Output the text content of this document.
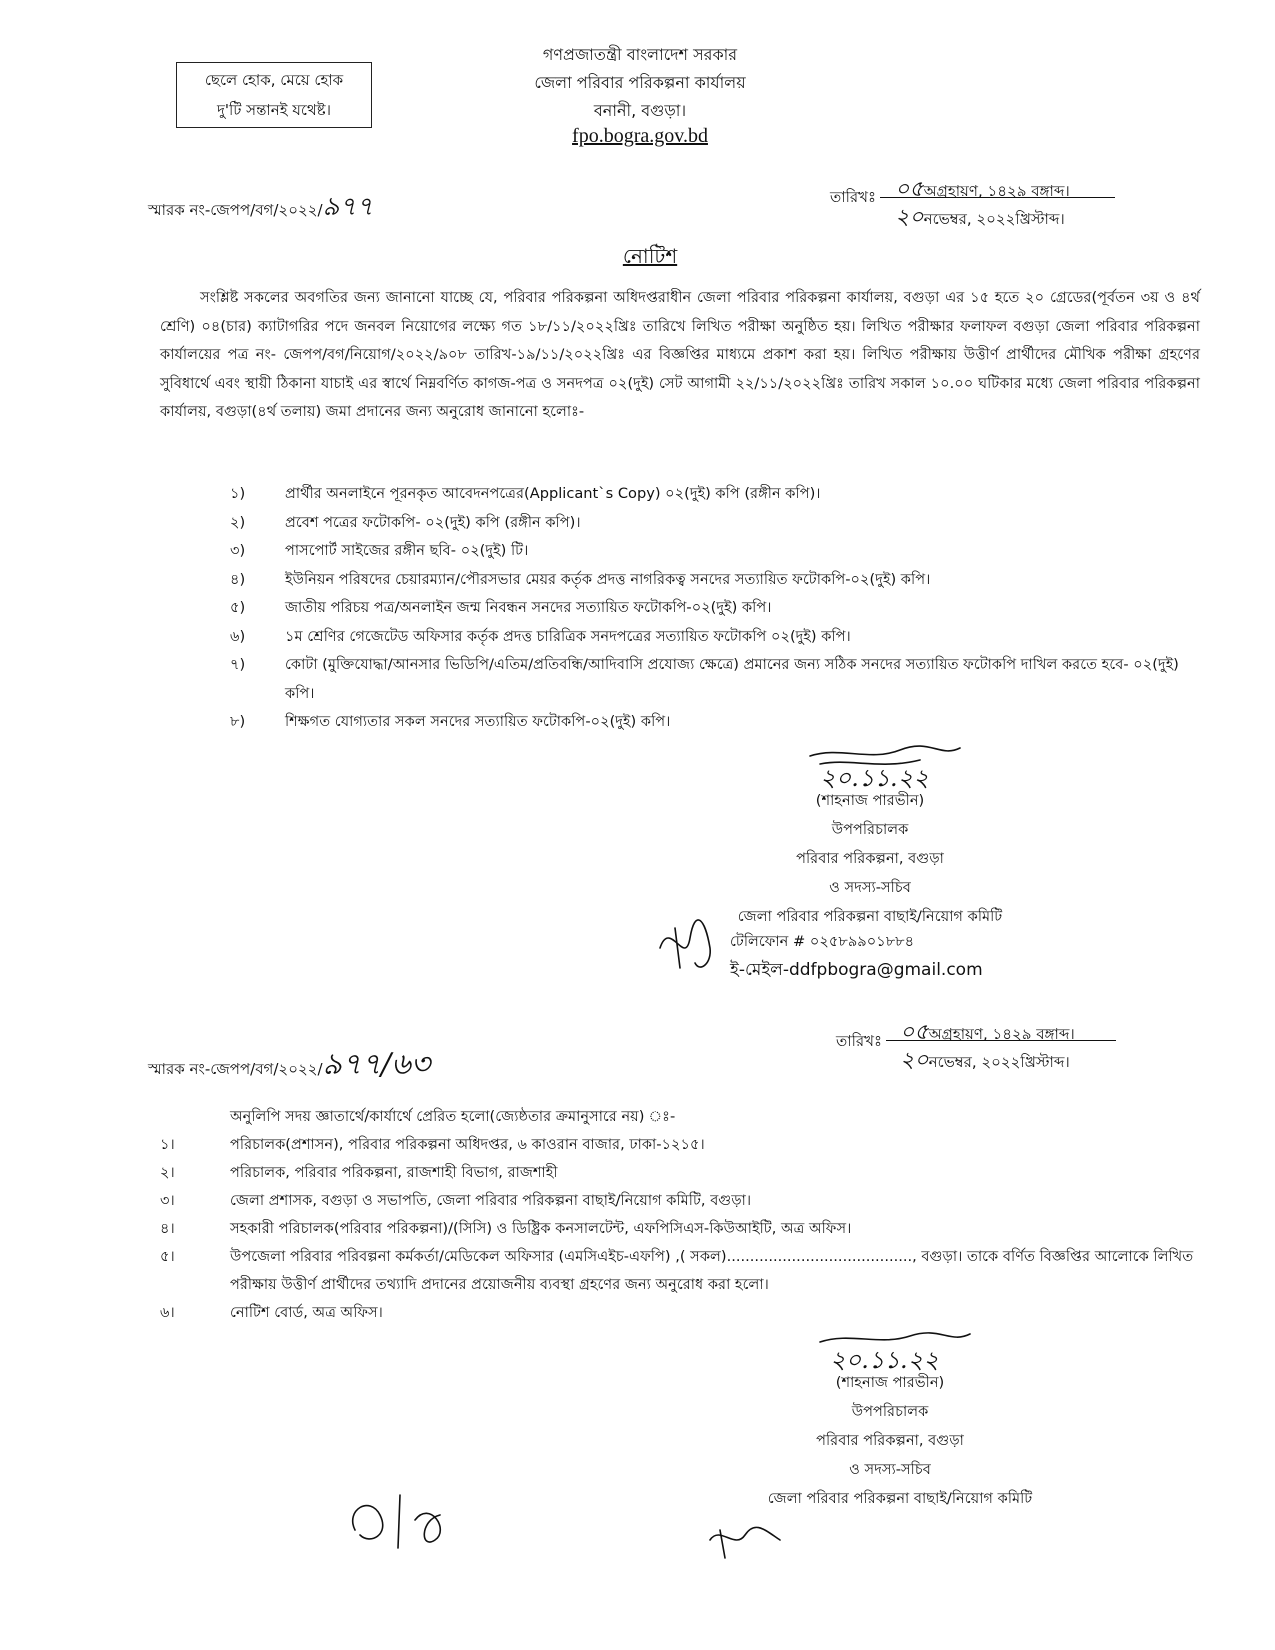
ছেলে হোক, মেয়ে হোক
দু'টি সন্তানই যথেষ্ট।
গণপ্রজাতন্ত্রী বাংলাদেশ সরকার
জেলা পরিবার পরিকল্পনা কার্যালয়
বনানী, বগুড়া।
fpo.bogra.gov.bd
স্মারক নং-জেপপ/বগ/২০২২/৯৭৭	তারিখঃ ০৫অগ্রহায়ণ, ১৪২৯ বঙ্গাব্দ।
২০নভেম্বর, ২০২২খ্রিস্টাব্দ।
নোটিশ
সংশ্লিষ্ট সকলের অবগতির জন্য জানানো যাচ্ছে যে, পরিবার পরিকল্পনা অধিদপ্তরাধীন জেলা পরিবার পরিকল্পনা কার্যালয়, বগুড়া এর ১৫ হতে ২০ গ্রেডের(পূর্বতন ৩য় ও ৪র্থ শ্রেণি) ০৪(চার) ক্যাটাগরির পদে জনবল নিয়োগের লক্ষ্যে গত ১৮/১১/২০২২খ্রিঃ তারিখে লিখিত পরীক্ষা অনুষ্ঠিত হয়। লিখিত পরীক্ষার ফলাফল বগুড়া জেলা পরিবার পরিকল্পনা কার্যালয়ের পত্র নং- জেপপ/বগ/নিয়োগ/২০২২/৯০৮ তারিখ-১৯/১১/২০২২খ্রিঃ এর বিজ্ঞপ্তির মাধ্যমে প্রকাশ করা হয়। লিখিত পরীক্ষায় উত্তীর্ণ প্রার্থীদের মৌখিক পরীক্ষা গ্রহণের সুবিধার্থে এবং স্থায়ী ঠিকানা যাচাই এর স্বার্থে নিম্নবর্ণিত কাগজ-পত্র ও সনদপত্র ০২(দুই) সেট আগামী ২২/১১/২০২২খ্রিঃ তারিখ সকাল ১০.০০ ঘটিকার মধ্যে জেলা পরিবার পরিকল্পনা কার্যালয়, বগুড়া(৪র্থ তলায়) জমা প্রদানের জন্য অনুরোধ জানানো হলোঃ-
১)	প্রার্থীর অনলাইনে পূরনকৃত আবেদনপত্রের(Applicant`s Copy) ০২(দুই) কপি (রঙ্গীন কপি)।
২)	প্রবেশ পত্রের ফটোকপি- ০২(দুই) কপি (রঙ্গীন কপি)।
৩)	পাসপোর্ট সাইজের রঙ্গীন ছবি- ০২(দুই) টি।
৪)	ইউনিয়ন পরিষদের চেয়ারম্যান/পৌরসভার মেয়র কর্তৃক প্রদত্ত নাগরিকত্ব সনদের সত্যায়িত ফটোকপি-০২(দুই) কপি।
৫)	জাতীয় পরিচয় পত্র/অনলাইন জন্ম নিবন্ধন সনদের সত্যায়িত ফটোকপি-০২(দুই) কপি।
৬)	১ম শ্রেণির গেজেটেড অফিসার কর্তৃক প্রদত্ত চারিত্রিক সনদপত্রের সত্যায়িত ফটোকপি ০২(দুই) কপি।
৭)	কোটা (মুক্তিযোদ্ধা/আনসার ভিডিপি/এতিম/প্রতিবন্ধি/আদিবাসি প্রযোজ্য ক্ষেত্রে) প্রমানের জন্য সঠিক সনদের সত্যায়িত ফটোকপি দাখিল করতে হবে- ০২(দুই) কপি।
৮)	শিক্ষগত যোগ্যতার সকল সনদের সত্যায়িত ফটোকপি-০২(দুই) কপি।
২০.১১.২২
(শাহনাজ পারভীন)
উপপরিচালক
পরিবার পরিকল্পনা, বগুড়া
ও সদস্য-সচিব
জেলা পরিবার পরিকল্পনা বাছাই/নিয়োগ কমিটি
টেলিফোন # ০২৫৮৯৯০১৮৮৪
ই-মেইল-ddfpbogra@gmail.com
স্মারক নং-জেপপ/বগ/২০২২/৯৭৭/৬৩
তারিখঃ ০৫অগ্রহায়ণ, ১৪২৯ বঙ্গাব্দ।
২০নভেম্বর, ২০২২খ্রিস্টাব্দ।
অনুলিপি সদয় জ্ঞাতার্থে/কার্যার্থে প্রেরিত হলো(জ্যেষ্ঠতার ক্রমানুসারে নয়) ঃ-
১।	পরিচালক(প্রশাসন), পরিবার পরিকল্পনা অধিদপ্তর, ৬ কাওরান বাজার, ঢাকা-১২১৫।
২।	পরিচালক, পরিবার পরিকল্পনা, রাজশাহী বিভাগ, রাজশাহী
৩।	জেলা প্রশাসক, বগুড়া ও সভাপতি, জেলা পরিবার পরিকল্পনা বাছাই/নিয়োগ কমিটি, বগুড়া।
৪।	সহকারী পরিচালক(পরিবার পরিকল্পনা)/(সিসি) ও ডিষ্ট্রিক কনসালটেন্ট, এফপিসিএস-কিউআইটি, অত্র অফিস।
৫।	উপজেলা পরিবার পরিবল্পনা কর্মকর্তা/মেডিকেল অফিসার (এমসিএইচ-এফপি) ,( সকল)........................................, বগুড়া। তাকে বর্ণিত বিজ্ঞপ্তির আলোকে লিখিত পরীক্ষায় উত্তীর্ণ প্রার্থীদের তথ্যাদি প্রদানের প্রয়োজনীয় ব্যবস্থা গ্রহণের জন্য অনুরোধ করা হলো।
৬।	নোটিশ বোর্ড, অত্র অফিস।
২০.১১.২২
(শাহনাজ পারভীন)
উপপরিচালক
পরিবার পরিকল্পনা, বগুড়া
ও সদস্য-সচিব
জেলা পরিবার পরিকল্পনা বাছাই/নিয়োগ কমিটি
